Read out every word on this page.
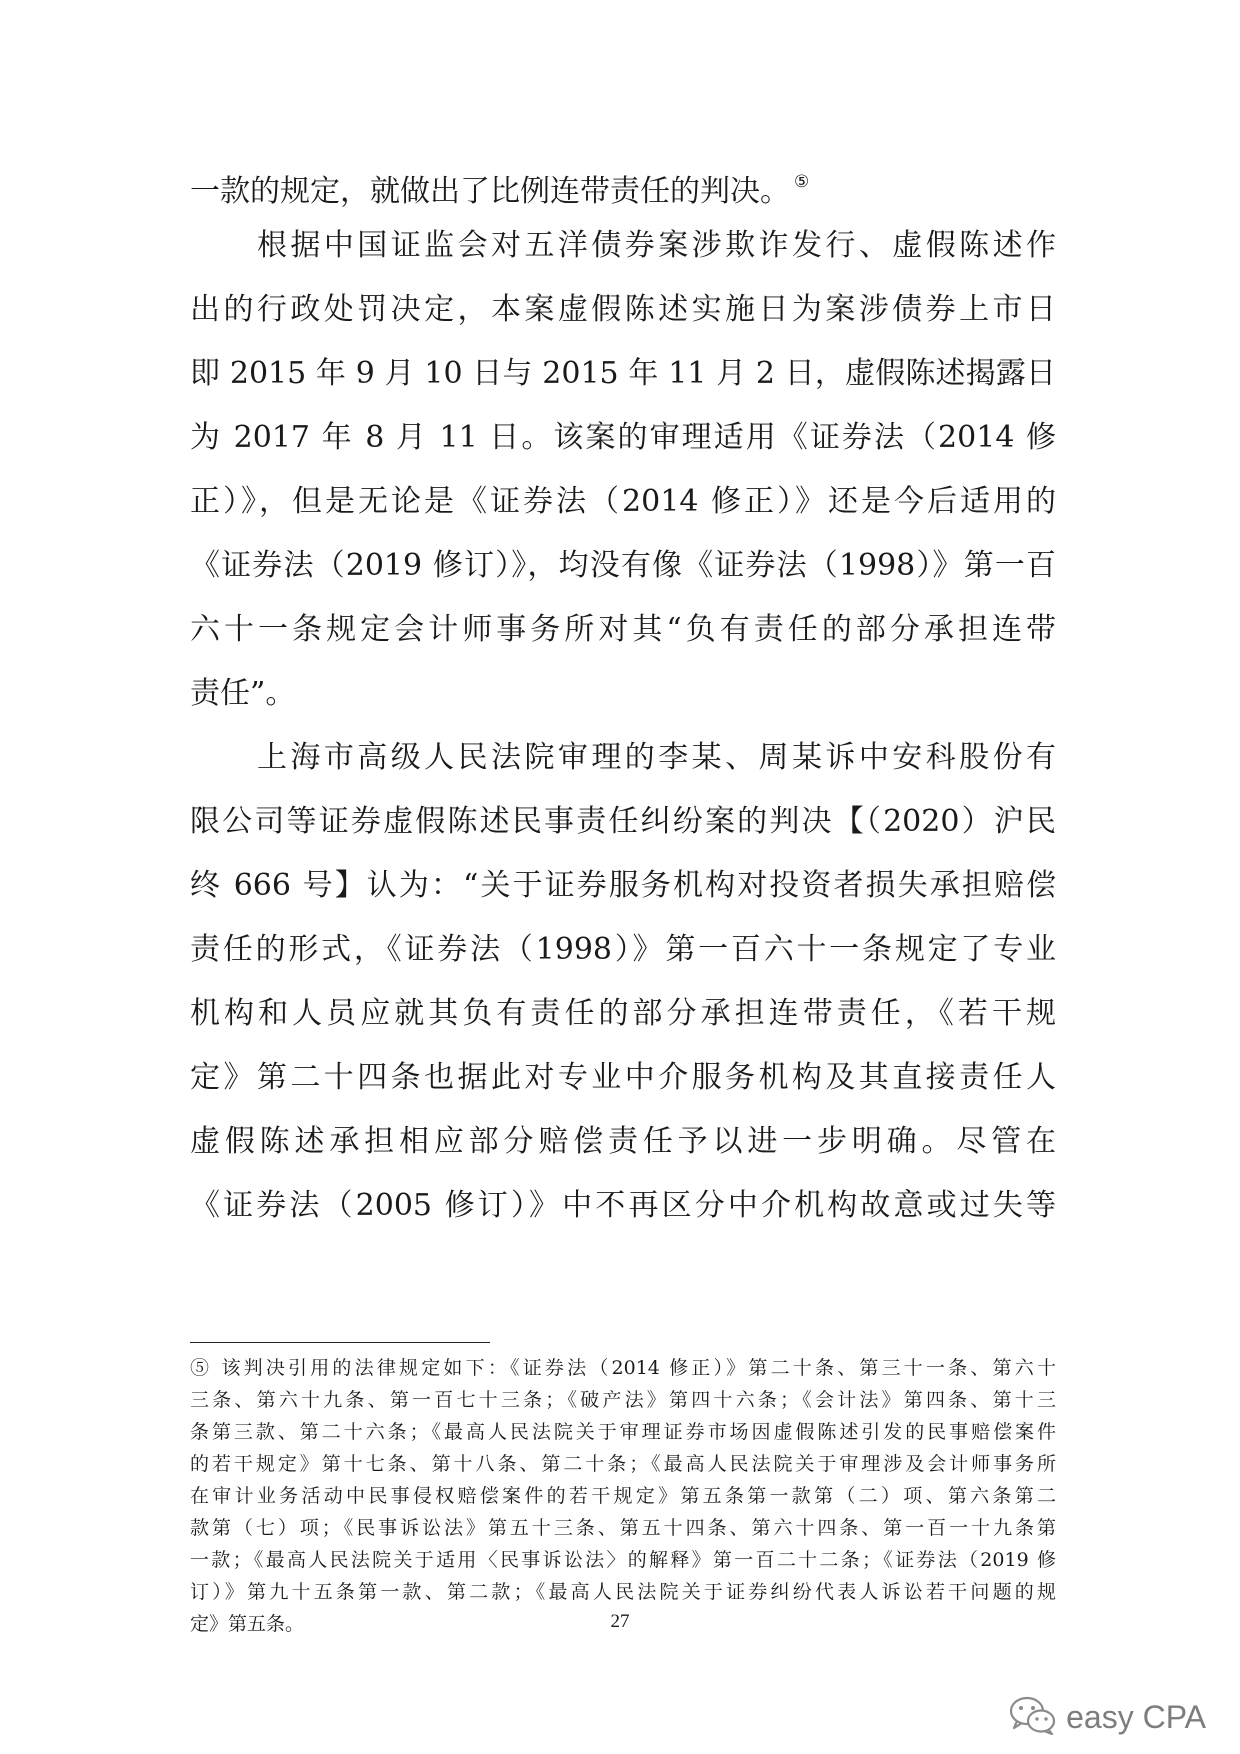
一款的规定，就做出了比例连带责任的判决。 ⑤
根据中国证监会对五洋债券案涉欺诈发行、虚假陈述作
出的行政处罚决定，本案虚假陈述实施日为案涉债券上市日
即 2015 年 9 月 10 日与 2015 年 11 月 2 日，虚假陈述揭露日
为 2017 年 8 月 11 日。该案的审理适用《证券法（2014 修
正）》，但是无论是《证券法（2014 修正）》还是今后适用的
《证券法（2019 修订）》，均没有像《证券法（1998）》第一百
六十一条规定会计师事务所对其“负有责任的部分承担连带
责任”。
上海市高级人民法院审理的李某、周某诉中安科股份有
限公司等证券虚假陈述民事责任纠纷案的判决【（2020）沪民
终 666 号】认为：“关于证券服务机构对投资者损失承担赔偿
责任的形式，《证券法（1998）》第一百六十一条规定了专业
机构和人员应就其负有责任的部分承担连带责任，《若干规
定》第二十四条也据此对专业中介服务机构及其直接责任人
虚假陈述承担相应部分赔偿责任予以进一步明确。尽管在
《证券法（2005 修订）》中不再区分中介机构故意或过失等
⑤ 该判决引用的法律规定如下：《证券法（2014 修正）》第二十条、第三十一条、第六十
三条、第六十九条、第一百七十三条；《破产法》第四十六条；《会计法》第四条、第十三
条第三款、第二十六条；《最高人民法院关于审理证券市场因虚假陈述引发的民事赔偿案件
的若干规定》第十七条、第十八条、第二十条；《最高人民法院关于审理涉及会计师事务所
在审计业务活动中民事侵权赔偿案件的若干规定》第五条第一款第（二）项、第六条第二
款第（七）项；《民事诉讼法》第五十三条、第五十四条、第六十四条、第一百一十九条第
一款；《最高人民法院关于适用〈民事诉讼法〉的解释》第一百二十二条；《证券法（2019 修
订）》第九十五条第一款、第二款；《最高人民法院关于证券纠纷代表人诉讼若干问题的规
定》第五条。	27
easy CPA
